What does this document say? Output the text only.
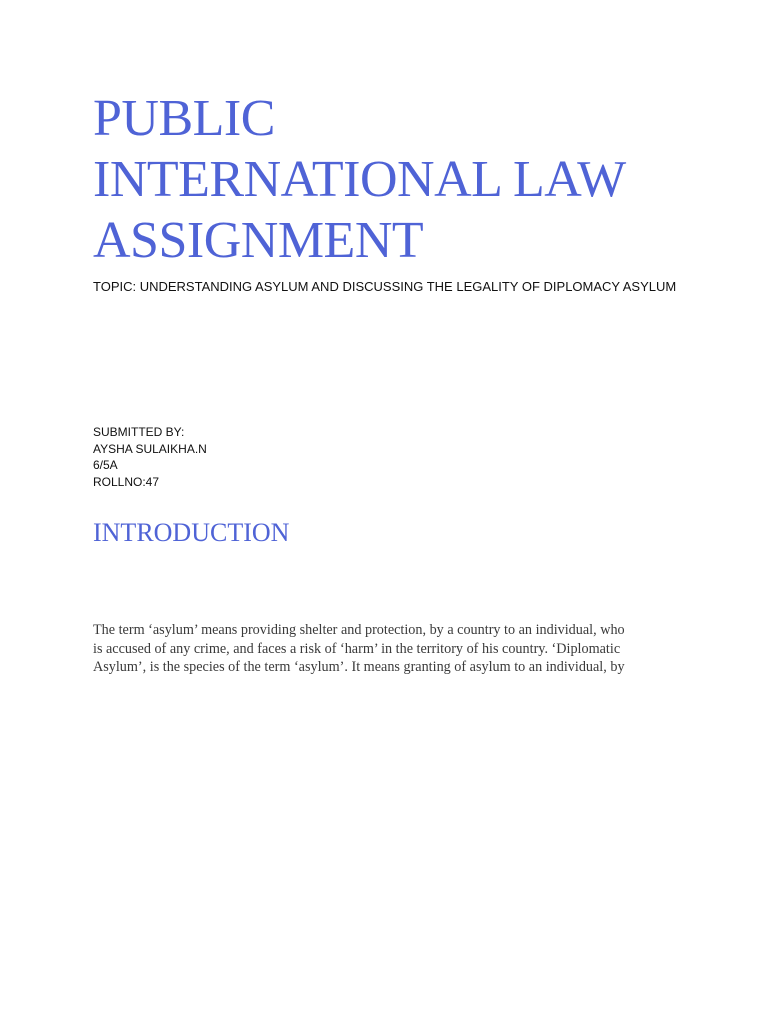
PUBLIC
INTERNATIONAL LAW
ASSIGNMENT

TOPIC: UNDERSTANDING ASYLUM AND DISCUSSING THE LEGALITY OF DIPLOMACY ASYLUM

SUBMITTED BY:
AYSHA SULAIKHA.N
6/5A
ROLLNO:47
INTRODUCTION
The term ‘asylum’ means providing shelter and protection, by a country to an individual, who
is accused of any crime, and faces a risk of ‘harm’ in the territory of his country. ‘Diplomatic
Asylum’, is the species of the term ‘asylum’. It means granting of asylum to an individual, by
